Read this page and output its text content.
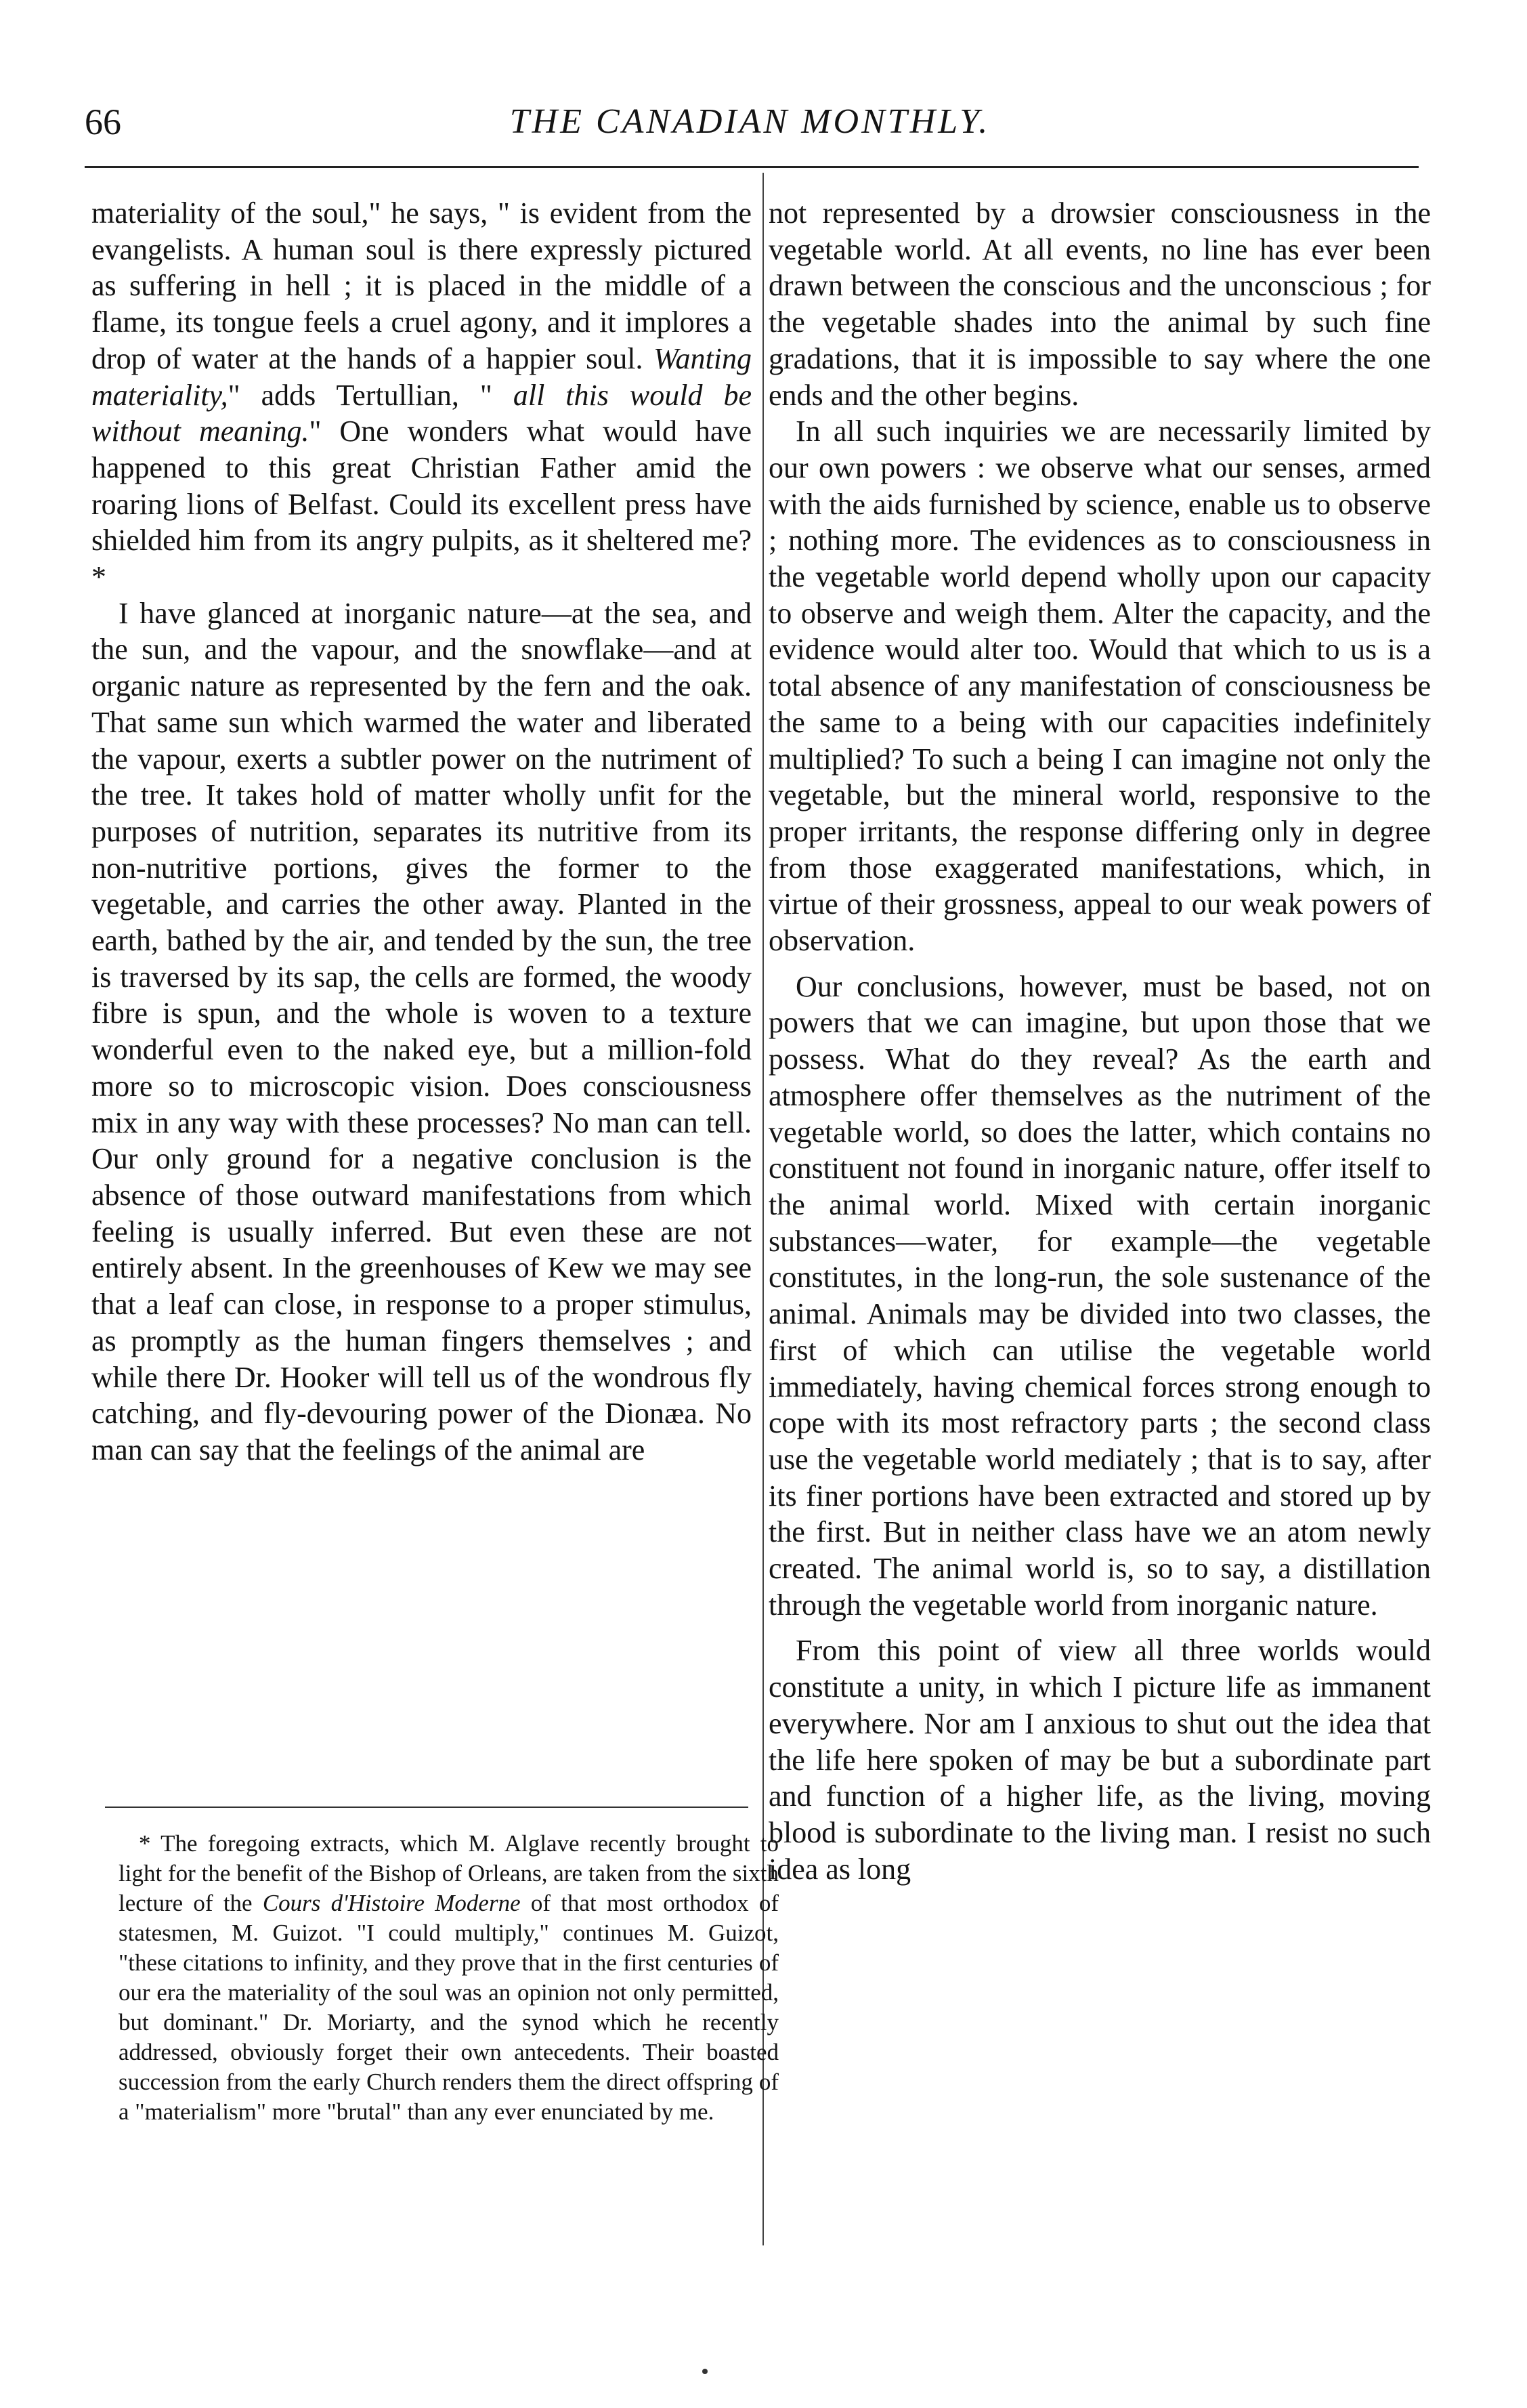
66	THE CANADIAN MONTHLY.

materiality of the soul," he says, " is evident from the evangelists. A human soul is there expressly pictured as suffering in hell ; it is placed in the middle of a flame, its tongue feels a cruel agony, and it implores a drop of water at the hands of a happier soul. Wanting materiality," adds Tertullian, " all this would be without meaning." One wonders what would have happened to this great Christian Father amid the roaring lions of Belfast. Could its excellent press have shielded him from its angry pulpits, as it sheltered me? *

I have glanced at inorganic nature—at the sea, and the sun, and the vapour, and the snowflake—and at organic nature as represented by the fern and the oak. That same sun which warmed the water and liberated the vapour, exerts a subtler power on the nutriment of the tree. It takes hold of matter wholly unfit for the purposes of nutrition, separates its nutritive from its non-nutritive portions, gives the former to the vegetable, and carries the other away. Planted in the earth, bathed by the air, and tended by the sun, the tree is traversed by its sap, the cells are formed, the woody fibre is spun, and the whole is woven to a texture wonderful even to the naked eye, but a million-fold more so to microscopic vision. Does consciousness mix in any way with these processes? No man can tell. Our only ground for a negative conclusion is the absence of those outward manifestations from which feeling is usually inferred. But even these are not entirely absent. In the greenhouses of Kew we may see that a leaf can close, in response to a proper stimulus, as promptly as the human fingers themselves ; and while there Dr. Hooker will tell us of the wondrous fly catching, and fly-devouring power of the Dionæa. No man can say that the feelings of the animal are

* The foregoing extracts, which M. Alglave recently brought to light for the benefit of the Bishop of Orleans, are taken from the sixth lecture of the Cours d'Histoire Moderne of that most orthodox of statesmen, M. Guizot. "I could multiply," continues M. Guizot, "these citations to infinity, and they prove that in the first centuries of our era the materiality of the soul was an opinion not only permitted, but dominant." Dr. Moriarty, and the synod which he recently addressed, obviously forget their own antecedents. Their boasted succession from the early Church renders them the direct offspring of a "materialism" more "brutal" than any ever enunciated by me.

not represented by a drowsier consciousness in the vegetable world. At all events, no line has ever been drawn between the conscious and the unconscious ; for the vegetable shades into the animal by such fine gradations, that it is impossible to say where the one ends and the other begins.

In all such inquiries we are necessarily limited by our own powers : we observe what our senses, armed with the aids furnished by science, enable us to observe ; nothing more. The evidences as to consciousness in the vegetable world depend wholly upon our capacity to observe and weigh them. Alter the capacity, and the evidence would alter too. Would that which to us is a total absence of any manifestation of consciousness be the same to a being with our capacities indefinitely multiplied? To such a being I can imagine not only the vegetable, but the mineral world, responsive to the proper irritants, the response differing only in degree from those exaggerated manifestations, which, in virtue of their grossness, appeal to our weak powers of observation.

Our conclusions, however, must be based, not on powers that we can imagine, but upon those that we possess. What do they reveal? As the earth and atmosphere offer themselves as the nutriment of the vegetable world, so does the latter, which contains no constituent not found in inorganic nature, offer itself to the animal world. Mixed with certain inorganic substances—water, for example—the vegetable constitutes, in the long-run, the sole sustenance of the animal. Animals may be divided into two classes, the first of which can utilise the vegetable world immediately, having chemical forces strong enough to cope with its most refractory parts ; the second class use the vegetable world mediately ; that is to say, after its finer portions have been extracted and stored up by the first. But in neither class have we an atom newly created. The animal world is, so to say, a distillation through the vegetable world from inorganic nature.

From this point of view all three worlds would constitute a unity, in which I picture life as immanent everywhere. Nor am I anxious to shut out the idea that the life here spoken of may be but a subordinate part and function of a higher life, as the living, moving blood is subordinate to the living man. I resist no such idea as long
